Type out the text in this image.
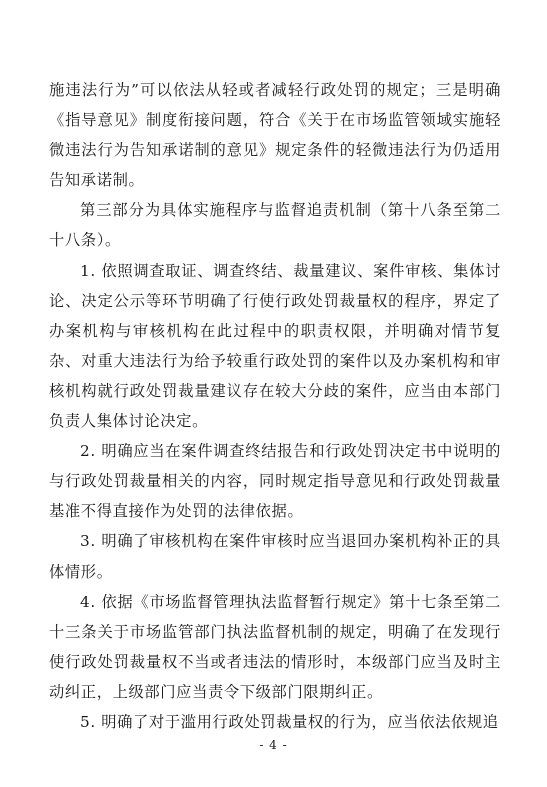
施违法行为”可以依法从轻或者减轻行政处罚的规定；三是明确《指导意见》制度衔接问题，符合《关于在市场监管领域实施轻微违法行为告知承诺制的意见》规定条件的轻微违法行为仍适用告知承诺制。

第三部分为具体实施程序与监督追责机制（第十八条至第二十八条）。

1. 依照调查取证、调查终结、裁量建议、案件审核、集体讨论、决定公示等环节明确了行使行政处罚裁量权的程序，界定了办案机构与审核机构在此过程中的职责权限，并明确对情节复杂、对重大违法行为给予较重行政处罚的案件以及办案机构和审核机构就行政处罚裁量建议存在较大分歧的案件，应当由本部门负责人集体讨论决定。

2. 明确应当在案件调查终结报告和行政处罚决定书中说明的与行政处罚裁量相关的内容，同时规定指导意见和行政处罚裁量基准不得直接作为处罚的法律依据。

3. 明确了审核机构在案件审核时应当退回办案机构补正的具体情形。

4. 依据《市场监督管理执法监督暂行规定》第十七条至第二十三条关于市场监管部门执法监督机制的规定，明确了在发现行使行政处罚裁量权不当或者违法的情形时，本级部门应当及时主动纠正，上级部门应当责令下级部门限期纠正。

5. 明确了对于滥用行政处罚裁量权的行为，应当依法依规追

- 4 -
